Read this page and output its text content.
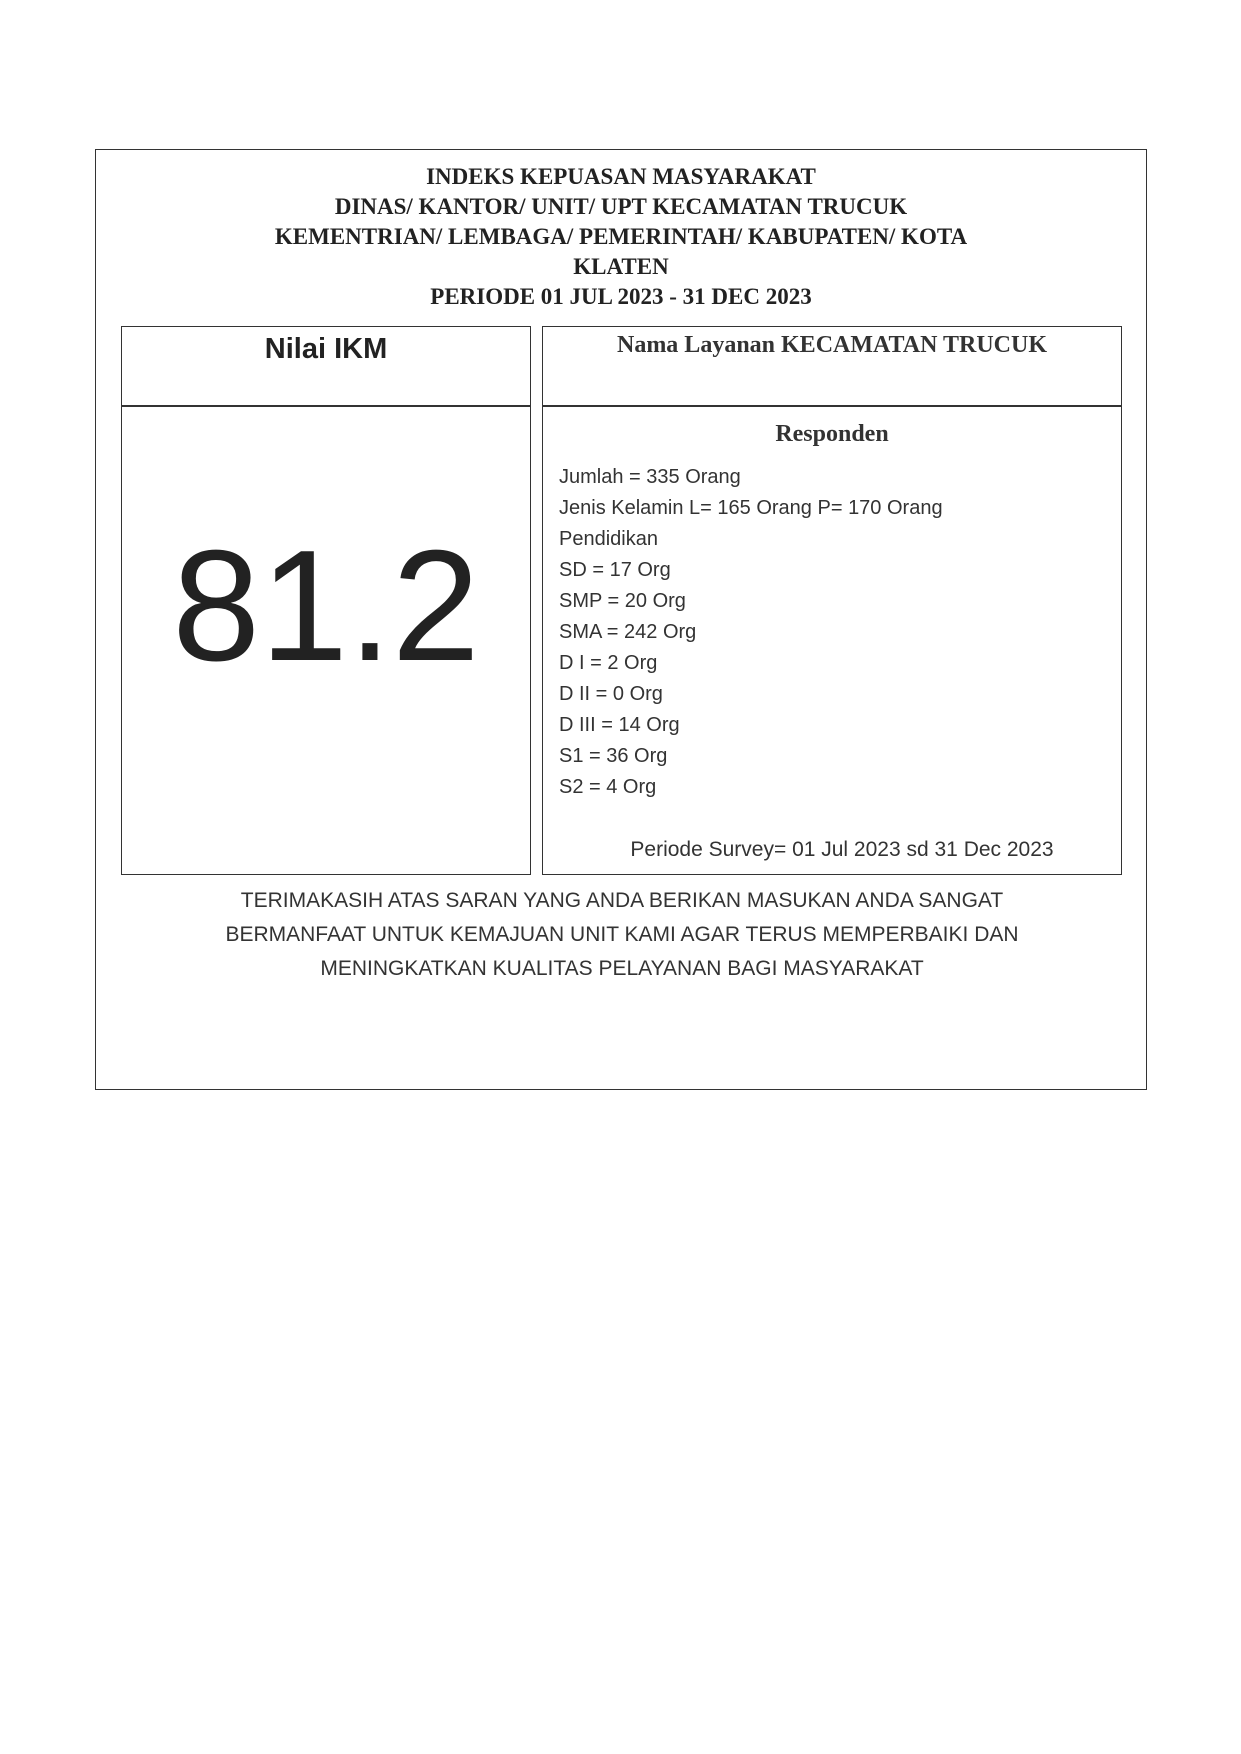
INDEKS KEPUASAN MASYARAKAT
DINAS/ KANTOR/ UNIT/ UPT KECAMATAN TRUCUK
KEMENTRIAN/ LEMBAGA/ PEMERINTAH/ KABUPATEN/ KOTA
KLATEN
PERIODE 01 JUL 2023 - 31 DEC 2023
Nilai IKM
81.2
Nama Layanan KECAMATAN TRUCUK
Responden
Jumlah = 335 Orang
Jenis Kelamin L= 165 Orang P= 170 Orang
Pendidikan
SD = 17 Org
SMP = 20 Org
SMA = 242 Org
D I = 2 Org
D II = 0 Org
D III = 14 Org
S1 = 36 Org
S2 = 4 Org
Periode Survey= 01 Jul 2023 sd 31 Dec 2023
TERIMAKASIH ATAS SARAN YANG ANDA BERIKAN MASUKAN ANDA SANGAT
BERMANFAAT UNTUK KEMAJUAN UNIT KAMI AGAR TERUS MEMPERBAIKI DAN
MENINGKATKAN KUALITAS PELAYANAN BAGI MASYARAKAT
